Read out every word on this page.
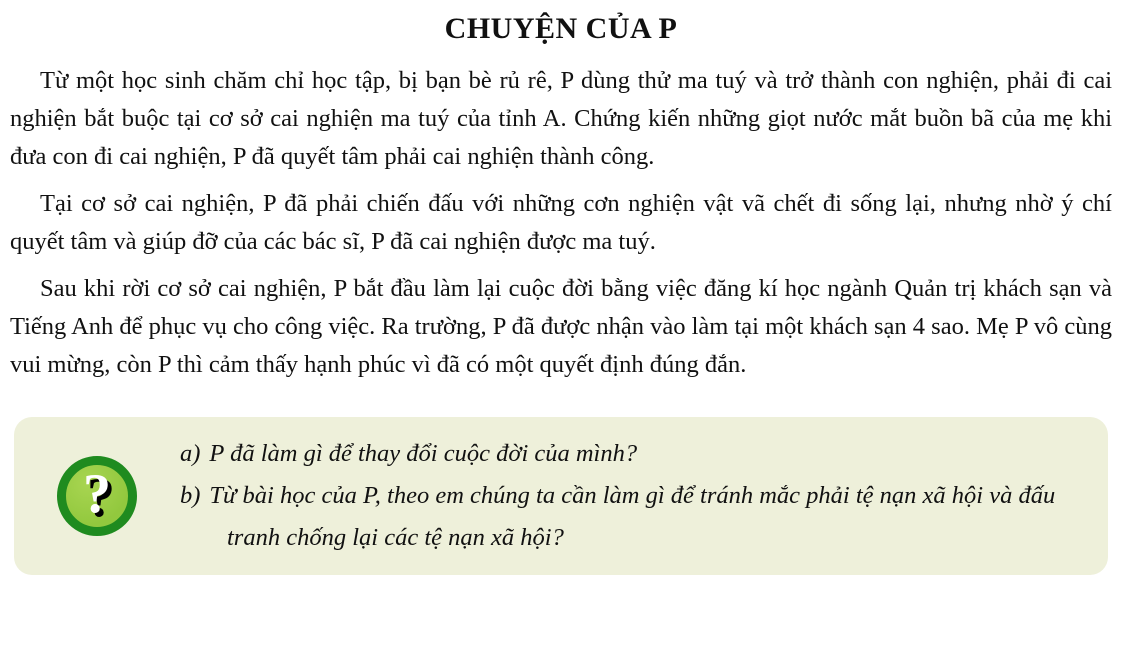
CHUYỆN CỦA P

Từ một học sinh chăm chỉ học tập, bị bạn bè rủ rê, P dùng thử ma tuý và trở thành con nghiện, phải đi cai nghiện bắt buộc tại cơ sở cai nghiện ma tuý của tỉnh A. Chứng kiến những giọt nước mắt buồn bã của mẹ khi đưa con đi cai nghiện, P đã quyết tâm phải cai nghiện thành công.

Tại cơ sở cai nghiện, P đã phải chiến đấu với những cơn nghiện vật vã chết đi sống lại, nhưng nhờ ý chí quyết tâm và giúp đỡ của các bác sĩ, P đã cai nghiện được ma tuý.

Sau khi rời cơ sở cai nghiện, P bắt đầu làm lại cuộc đời bằng việc đăng kí học ngành Quản trị khách sạn và Tiếng Anh để phục vụ cho công việc. Ra trường, P đã được nhận vào làm tại một khách sạn 4 sao. Mẹ P vô cùng vui mừng, còn P thì cảm thấy hạnh phúc vì đã có một quyết định đúng đắn.

?
a) P đã làm gì để thay đổi cuộc đời của mình?
b) Từ bài học của P, theo em chúng ta cần làm gì để tránh mắc phải tệ nạn xã hội và đấu tranh chống lại các tệ nạn xã hội?
